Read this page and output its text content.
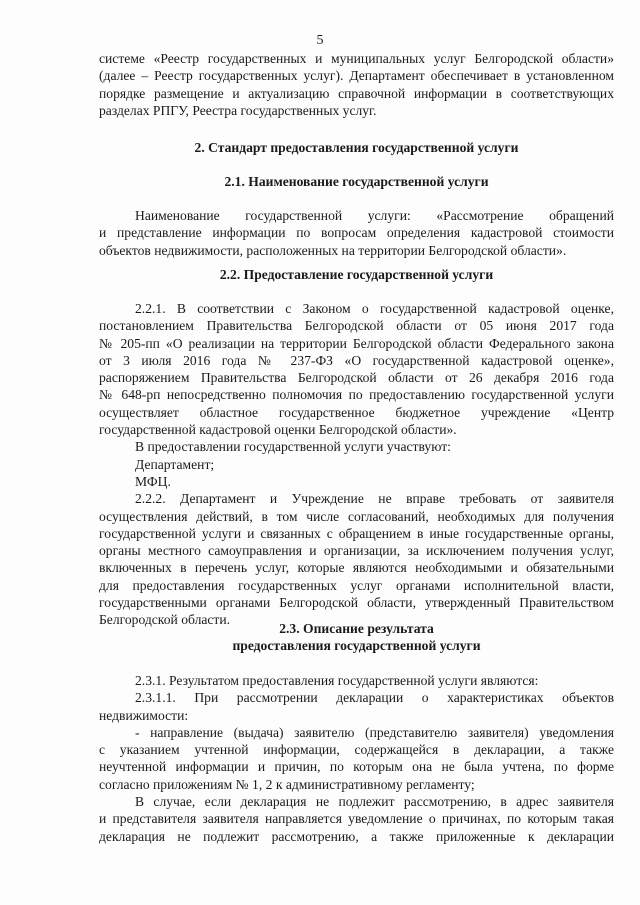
5

системе «Реестр государственных и муниципальных услуг Белгородской области»

(далее – Реестр государственных услуг). Департамент обеспечивает в установленном

порядке размещение и актуализацию справочной информации в соответствующих

разделах РПГУ, Реестра государственных услуг.

2. Стандарт предоставления государственной услуги
2.1. Наименование государственной услуги

Наименование государственной услуги: «Рассмотрение обращений

и представление информации по вопросам определения кадастровой стоимости

объектов недвижимости, расположенных на территории Белгородской области».

2.2. Предоставление государственной услуги

2.2.1. В соответствии с Законом о государственной кадастровой оценке,

постановлением Правительства Белгородской области от 05 июня 2017 года

№ 205-пп «О реализации на территории Белгородской области Федерального закона

от 3 июля 2016 года № 237-ФЗ «О государственной кадастровой оценке»,

распоряжением Правительства Белгородской области от 26 декабря 2016 года

№ 648-рп непосредственно полномочия по предоставлению государственной услуги

осуществляет областное государственное бюджетное учреждение «Центр

государственной кадастровой оценки Белгородской области».

В предоставлении государственной услуги участвуют:

Департамент;

МФЦ.

2.2.2. Департамент и Учреждение не вправе требовать от заявителя

осуществления действий, в том числе согласований, необходимых для получения

государственной услуги и связанных с обращением в иные государственные органы,

органы местного самоуправления и организации, за исключением получения услуг,

включенных в перечень услуг, которые являются необходимыми и обязательными

для предоставления государственных услуг органами исполнительной власти,

государственными органами Белгородской области, утвержденный Правительством

Белгородской области.

2.3. Описание результата
предоставления государственной услуги

2.3.1. Результатом предоставления государственной услуги являются:

2.3.1.1. При рассмотрении декларации о характеристиках объектов

недвижимости:

- направление (выдача) заявителю (представителю заявителя) уведомления

с указанием учтенной информации, содержащейся в декларации, а также

неучтенной информации и причин, по которым она не была учтена, по форме

согласно приложениям № 1, 2 к административному регламенту;

В случае, если декларация не подлежит рассмотрению, в адрес заявителя

и представителя заявителя направляется уведомление о причинах, по которым такая

декларация не подлежит рассмотрению, а также приложенные к декларации
